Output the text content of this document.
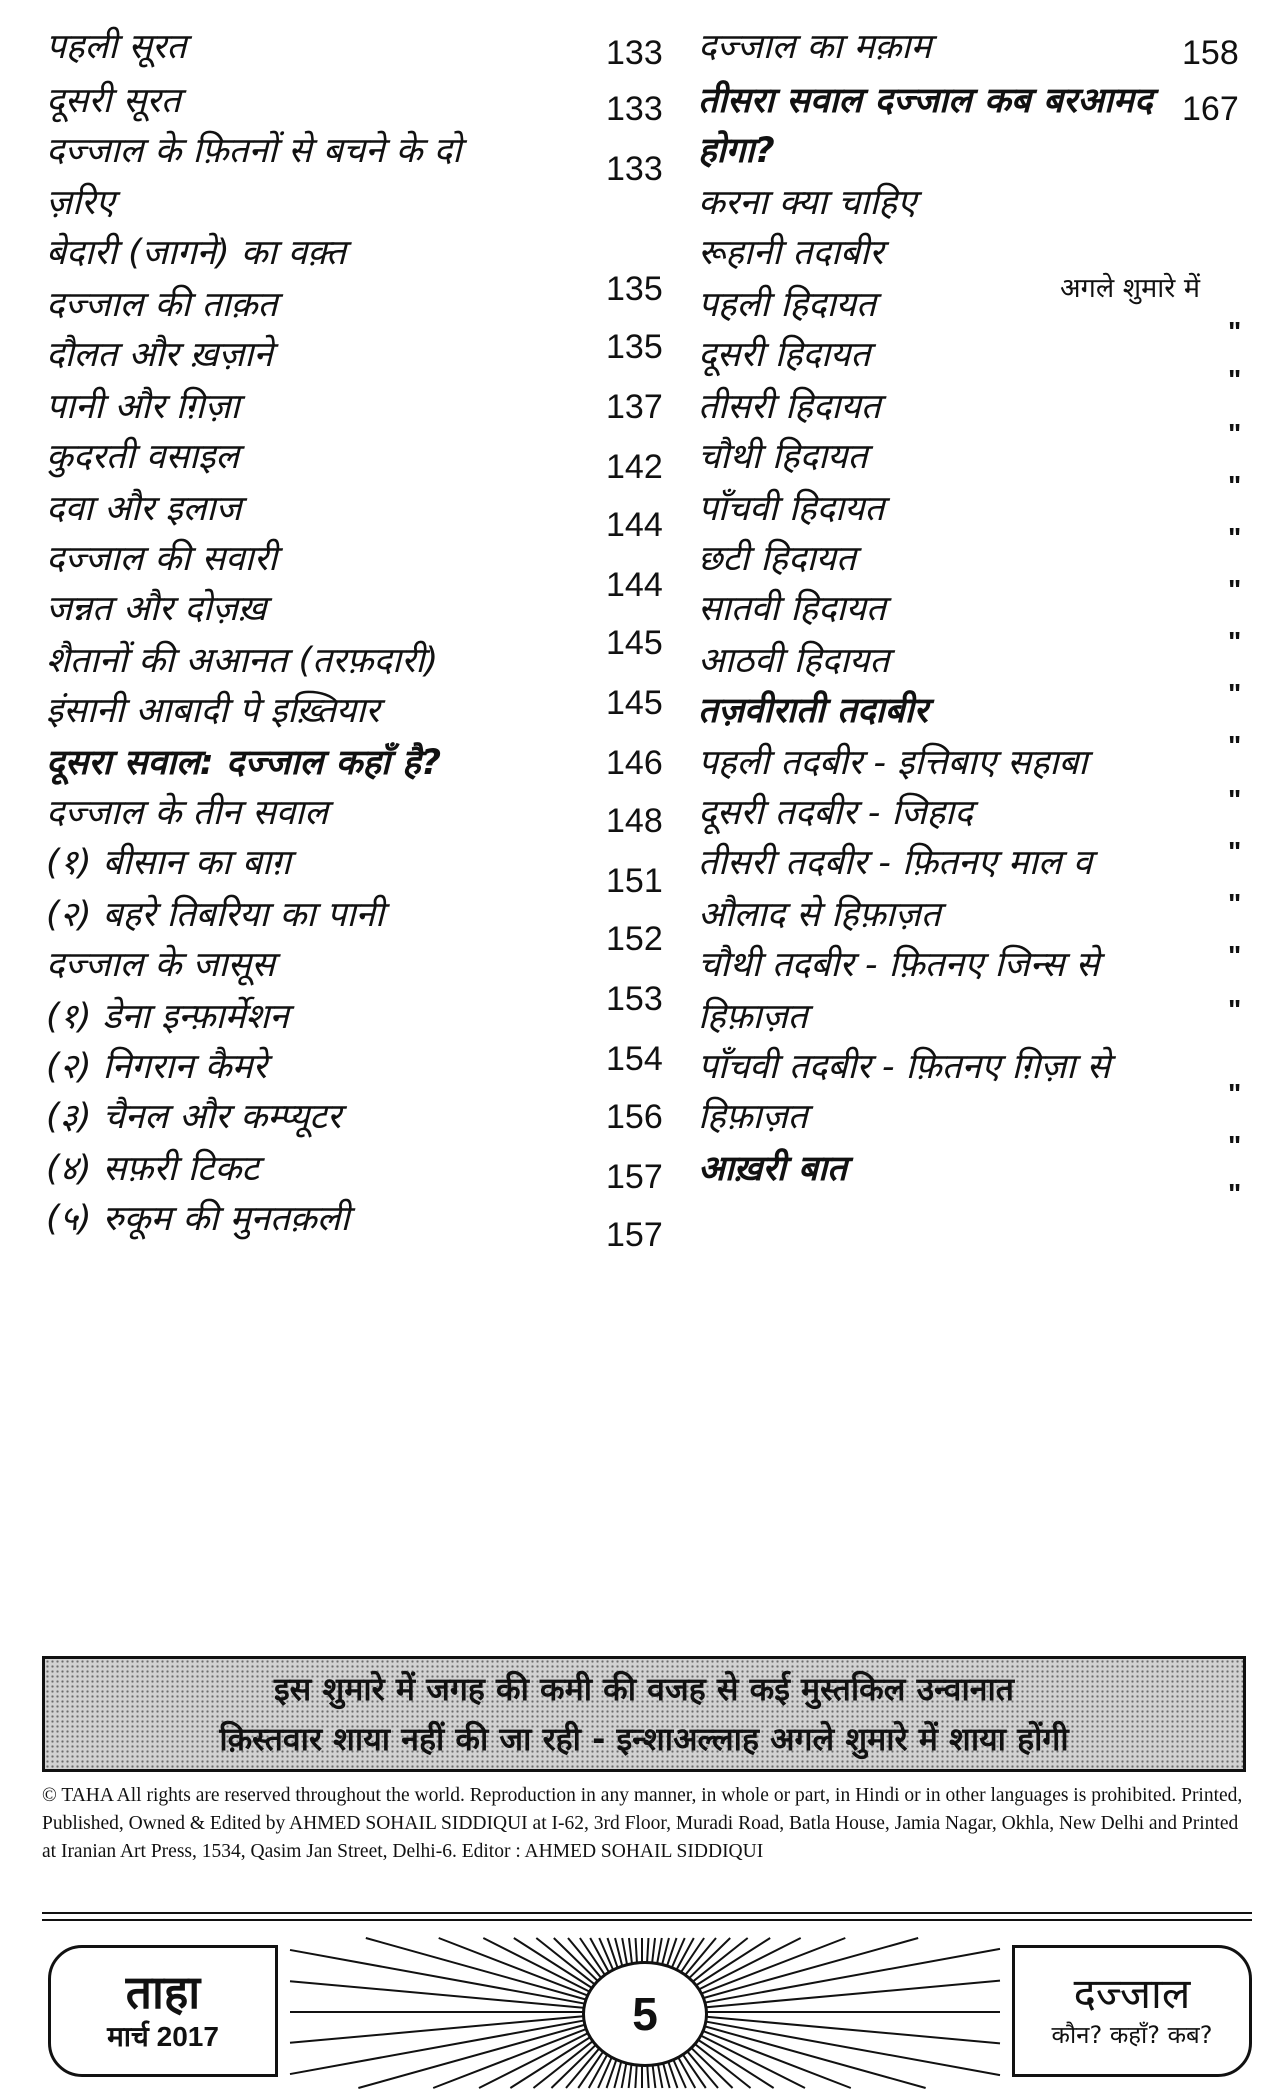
पहली सूरत
दूसरी सूरत
दज्जाल के फ़ितनों से बचने के दो
ज़रिए
बेदारी (जागने) का वक़्त
दज्जाल की ताक़त
दौलत और ख़ज़ाने
पानी और ग़िज़ा
कुदरती वसाइल
दवा और इलाज
दज्जाल की सवारी
जन्नत और दोज़ख़
शैतानों की अआनत (तरफ़दारी)
इंसानी आबादी पे इख़्तियार
दूसरा सवाल: दज्जाल कहाँ है?
दज्जाल के तीन सवाल
(१) बीसान का बाग़
(२) बहरे तिबरिया का पानी
दज्जाल के जासूस
(१) डेना इन्फ़ार्मेशन
(२) निगरान कैमरे
(३) चैनल और कम्प्यूटर
(४) सफ़री टिकट
(५) रुकूम की मुनतक़ली
133
133
133
135
135
137
142
144
144
145
145
146
148
151
152
153
154
156
157
157
दज्जाल का मक़ाम
तीसरा सवाल दज्जाल कब बरआमद
होगा?
करना क्या चाहिए
रूहानी तदाबीर
पहली हिदायत
दूसरी हिदायत
तीसरी हिदायत
चौथी हिदायत
पाँचवी हिदायत
छटी हिदायत
सातवी हिदायत
आठवी हिदायत
तज़वीराती तदाबीर
पहली तदबीर - इत्तिबाए सहाबा
दूसरी तदबीर - जिहाद
तीसरी तदबीर - फ़ितनए माल व
औलाद से हिफ़ाज़त
चौथी तदबीर - फ़ितनए जिन्स से
हिफ़ाज़त
पाँचवी तदबीर - फ़ितनए ग़िज़ा से
हिफ़ाज़त
आख़री बात
158
167
अगले शुमारे में
"
"
"
"
"
"
"
"
"
"
"
"
"
"
"
"
"
इस शुमारे में जगह की कमी की वजह से कई मुस्तकिल उन्वानात
क़िस्तवार शाया नहीं की जा रही - इन्शाअल्लाह अगले शुमारे में शाया होंगी
© TAHA All rights are reserved throughout the world. Reproduction in any manner, in whole or part, in Hindi or in other languages is prohibited. Printed, Published, Owned & Edited by AHMED SOHAIL SIDDIQUI at I-62, 3rd Floor, Muradi Road, Batla House, Jamia Nagar, Okhla, New Delhi and Printed at Iranian Art Press, 1534, Qasim Jan Street, Delhi-6. Editor : AHMED SOHAIL SIDDIQUI
ताहा
मार्च 2017	5	दज्जाल
कौन? कहाँ? कब?
